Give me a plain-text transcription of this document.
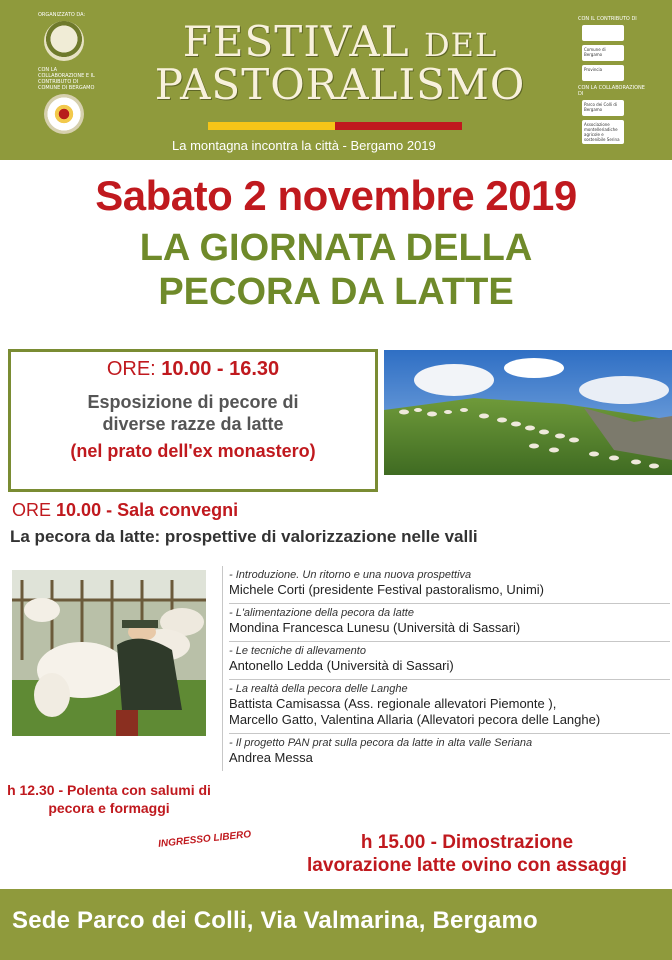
ORGANIZZATO DA:
CON LA COLLABORAZIONE E IL CONTRIBUTO DI COMUNE DI BERGAMO
FESTIVAL DEL
PASTORALISMO
La montagna incontra la città - Bergamo 2019
CON IL CONTRIBUTO DI
Comune di Bergamo
Provincia
CON LA COLLABORAZIONE DI
Parco dei Colli di Bergamo
Associazione montelleriadiche agricole e sostenibile Serina
Sabato 2 novembre 2019
LA GIORNATA DELLA
PECORA DA LATTE
ORE: 10.00 - 16.30
Esposizione di pecore di
diverse razze da latte
(nel prato dell'ex monastero)
ORE 10.00 - Sala convegni
La pecora da latte: prospettive di valorizzazione nelle valli
h 12.30 - Polenta con salumi di
pecora e formaggi
- Introduzione. Un ritorno e una nuova prospettiva
Michele Corti (presidente Festival pastoralismo, Unimi)
- L'alimentazione della pecora da latte
Mondina Francesca Lunesu (Università di Sassari)
- Le tecniche di allevamento
Antonello Ledda (Università di Sassari)
- La realtà della pecora delle Langhe
Battista Camisassa (Ass. regionale allevatori Piemonte ),
Marcello Gatto, Valentina Allaria (Allevatori pecora delle Langhe)
- Il progetto PAN prat sulla pecora da latte in alta valle Seriana
Andrea Messa
INGRESSO LIBERO	h 15.00 - Dimostrazione
lavorazione latte ovino con assaggi
Sede Parco dei Colli, Via Valmarina, Bergamo
